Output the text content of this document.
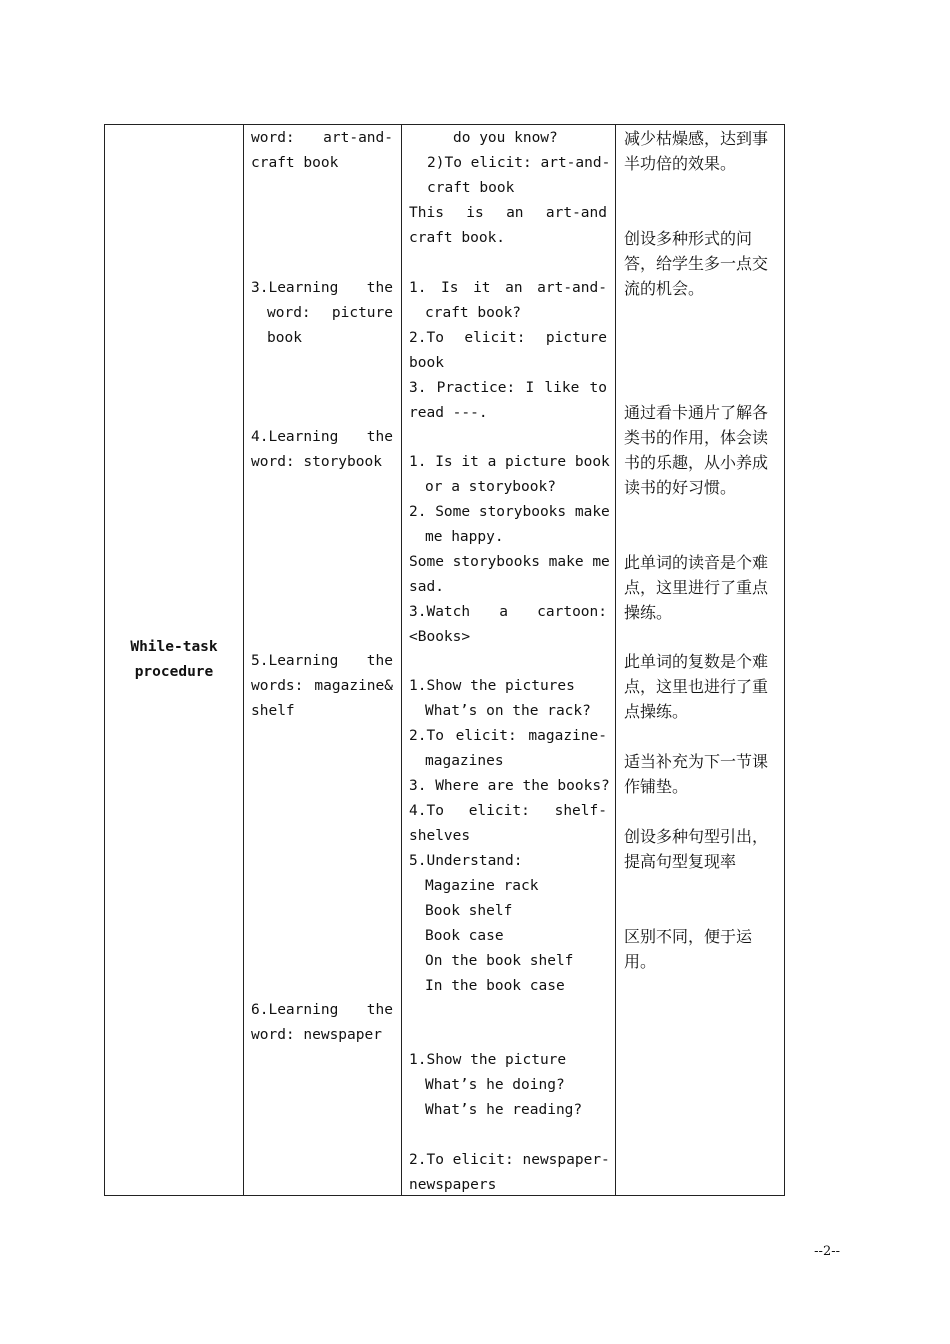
While-task
procedure
word: art-and-
craft book
3.Learning the
word: picture
book
4.Learning the
word: storybook
5.Learning the
words: magazine&
shelf
6.Learning the
word: newspaper
do you know?
2)To elicit: art-and-
craft book
This is an art-and
craft book.
1. Is it an art-and-
craft book?
2.To elicit: picture
book
3. Practice: I like to
read ---.
1. Is it a picture book
or a storybook?
2. Some storybooks make
me happy.
Some storybooks make me
sad.
3.Watch a cartoon:
<Books>
1.Show the pictures
What’s on the rack?
2.To elicit: magazine-
magazines
3. Where are the books?
4.To elicit: shelf-
shelves
5.Understand:
Magazine rack
Book shelf
Book case
On the book shelf
In the book case
1.Show the picture
What’s he doing?
What’s he reading?
2.To elicit: newspaper-
newspapers
减少枯燥感，达到事
半功倍的效果。
创设多种形式的问
答，给学生多一点交
流的机会。
通过看卡通片了解各
类书的作用，体会读
书的乐趣，从小养成
读书的好习惯。
此单词的读音是个难
点，这里进行了重点
操练。
此单词的复数是个难
点，这里也进行了重
点操练。
适当补充为下一节课
作铺垫。
创设多种句型引出，
提高句型复现率
区别不同，便于运
用。
--2--
